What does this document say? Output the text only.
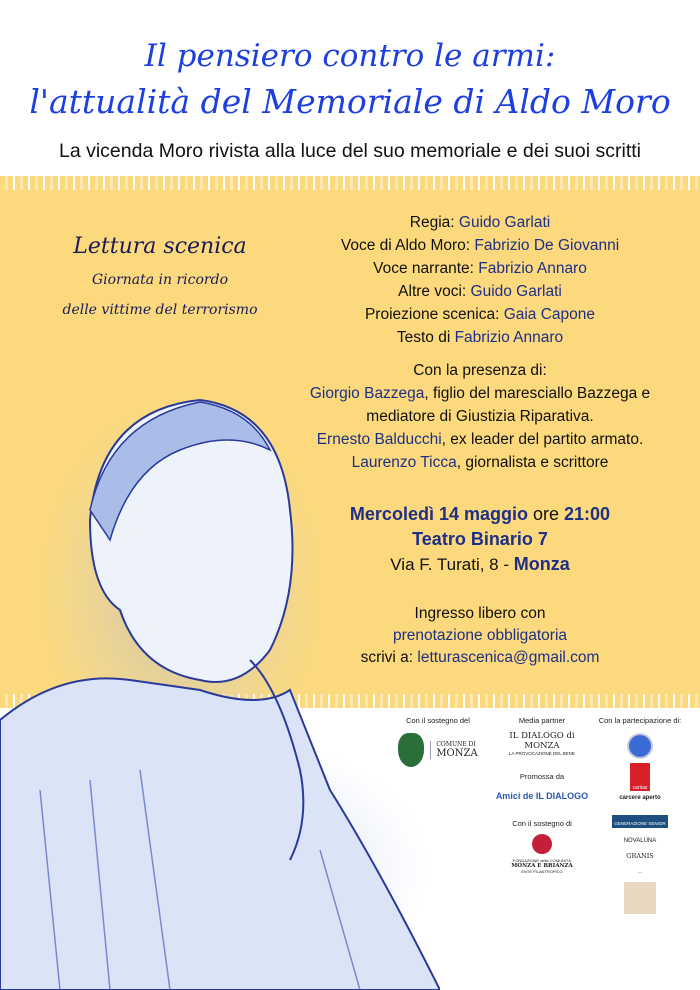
Il pensiero contro le armi:
l'attualità del Memoriale di Aldo Moro
La vicenda Moro rivista alla luce del suo memoriale e dei suoi scritti
Lettura scenica
Giornata in ricordo
delle vittime del terrorismo
Regia: Guido Garlati
Voce di Aldo Moro: Fabrizio De Giovanni
Voce narrante: Fabrizio Annaro
Altre voci: Guido Garlati
Proiezione scenica: Gaia Capone
Testo di Fabrizio Annaro
Con la presenza di:
Giorgio Bazzega, figlio del maresciallo Bazzega e
mediatore di Giustizia Riparativa.
Ernesto Balducchi, ex leader del partito armato.
Laurenzo Ticca, giornalista e scrittore
Mercoledì 14 maggio ore 21:00
Teatro Binario 7
Via F. Turati, 8 - Monza
Ingresso libero con
prenotazione obbligatoria
scrivi a: letturascenica@gmail.com
Con il sostegno del
COMUNE DI
MONZA
Media partner
IL DIALOGO di MONZA
LA PROVOCAZIONE DEL BENE
Promossa da
Amici de IL DIALOGO
Con il sostegno di
FONDAZIONE della COMUNITÀ
MONZA E BRIANZA
ENTE FILANTROPICO
Con la partecipazione di:
caritas
carcere aperto
GENERAZIONE SENIOR
NOVALUNA
GRANIS
~
